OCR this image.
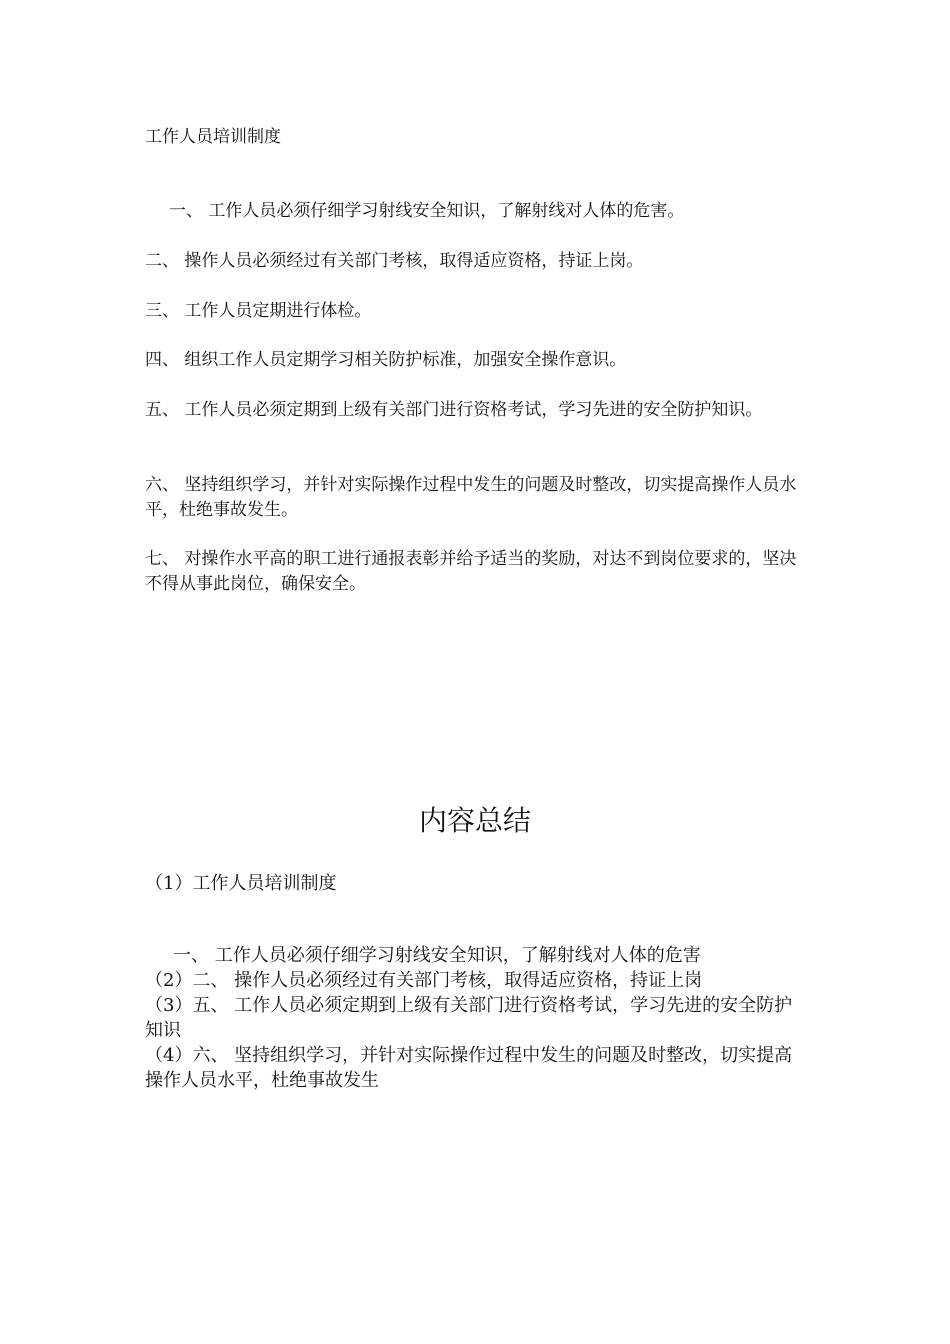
工作人员培训制度

一、 工作人员必须仔细学习射线安全知识，了解射线对人体的危害。

二、 操作人员必须经过有关部门考核，取得适应资格，持证上岗。

三、 工作人员定期进行体检。

四、 组织工作人员定期学习相关防护标准，加强安全操作意识。

五、 工作人员必须定期到上级有关部门进行资格考试，学习先进的安全防护知识。

六、 坚持组织学习，并针对实际操作过程中发生的问题及时整改，切实提高操作人员水平，杜绝事故发生。

七、 对操作水平高的职工进行通报表彰并给予适当的奖励，对达不到岗位要求的，坚决不得从事此岗位，确保安全。

内容总结

（1）工作人员培训制度

一、 工作人员必须仔细学习射线安全知识，了解射线对人体的危害
（2）二、 操作人员必须经过有关部门考核，取得适应资格，持证上岗
（3）五、 工作人员必须定期到上级有关部门进行资格考试，学习先进的安全防护知识
（4）六、 坚持组织学习，并针对实际操作过程中发生的问题及时整改，切实提高操作人员水平，杜绝事故发生
